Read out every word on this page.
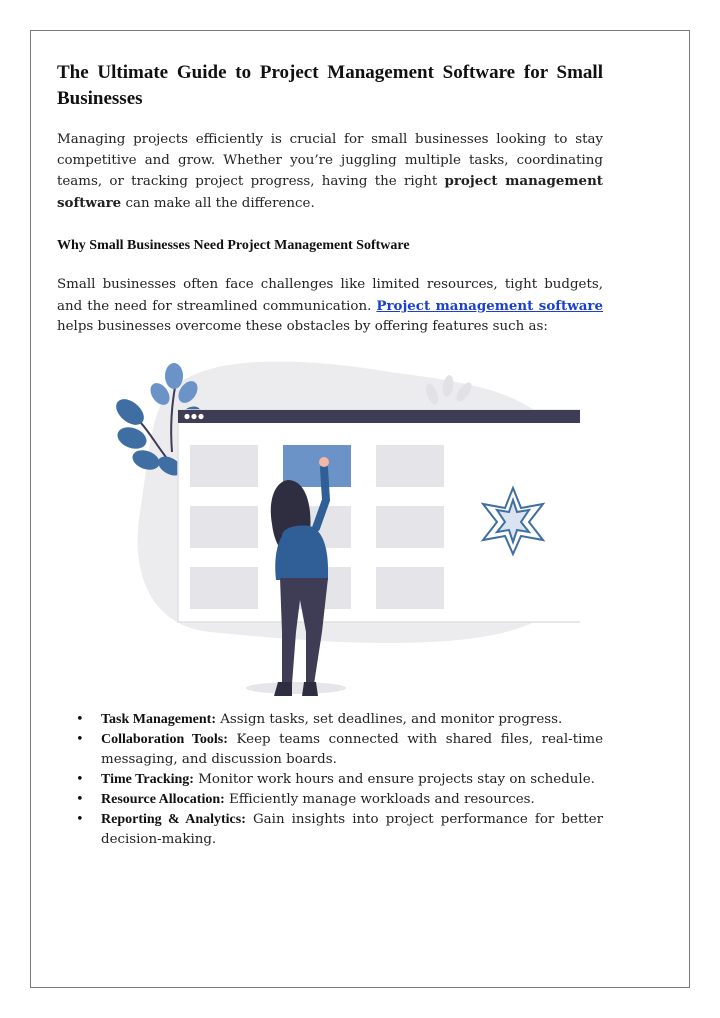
The Ultimate Guide to Project Management Software for Small Businesses

Managing projects efficiently is crucial for small businesses looking to stay competitive and grow. Whether you’re juggling multiple tasks, coordinating teams, or tracking project progress, having the right project management software can make all the difference.

Why Small Businesses Need Project Management Software

Small businesses often face challenges like limited resources, tight budgets, and the need for streamlined communication. Project management software helps businesses overcome these obstacles by offering features such as:

• Task Management: Assign tasks, set deadlines, and monitor progress.
• Collaboration Tools: Keep teams connected with shared files, real-time messaging, and discussion boards.
• Time Tracking: Monitor work hours and ensure projects stay on schedule.
• Resource Allocation: Efficiently manage workloads and resources.
• Reporting & Analytics: Gain insights into project performance for better decision-making.
